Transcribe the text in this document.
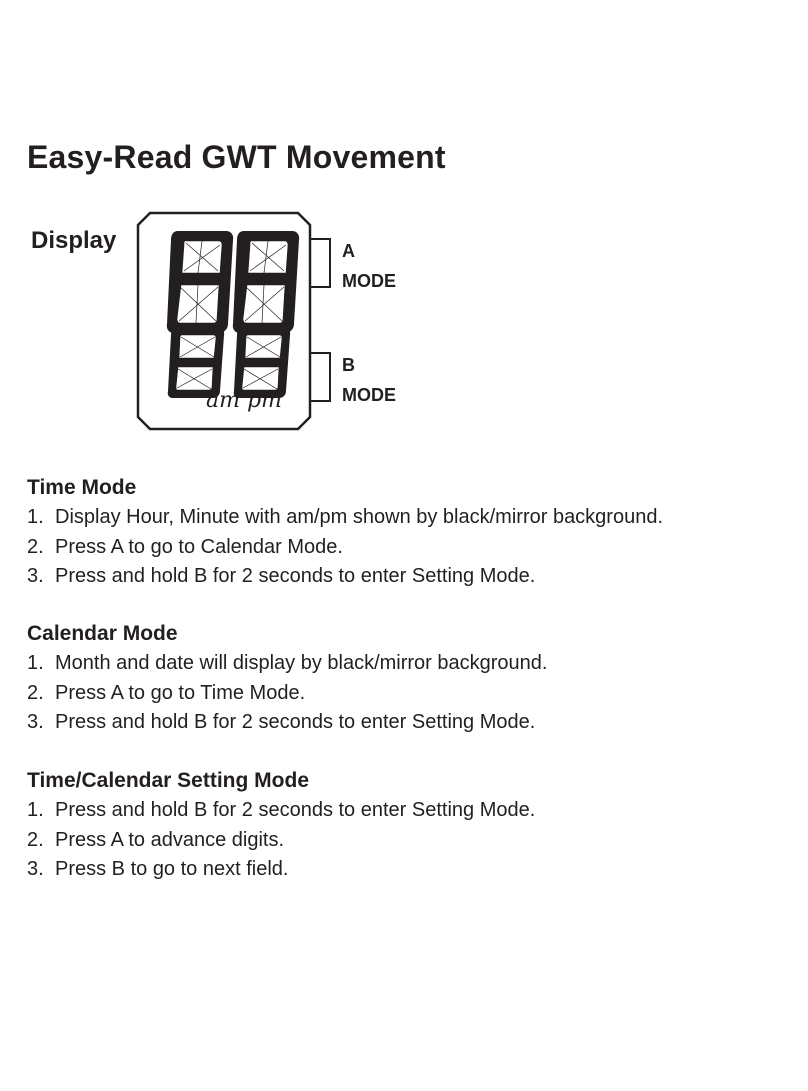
Easy-Read GWT Movement
Display
am pm
A
MODE
B
MODE
Time Mode
1. Display Hour, Minute with am/pm shown by black/mirror background.
2. Press A to go to Calendar Mode.
3. Press and hold B for 2 seconds to enter Setting Mode.
Calendar Mode
1. Month and date will display by black/mirror background.
2. Press A to go to Time Mode.
3. Press and hold B for 2 seconds to enter Setting Mode.
Time/Calendar Setting Mode
1. Press and hold B for 2 seconds to enter Setting Mode.
2. Press A to advance digits.
3. Press B to go to next field.
